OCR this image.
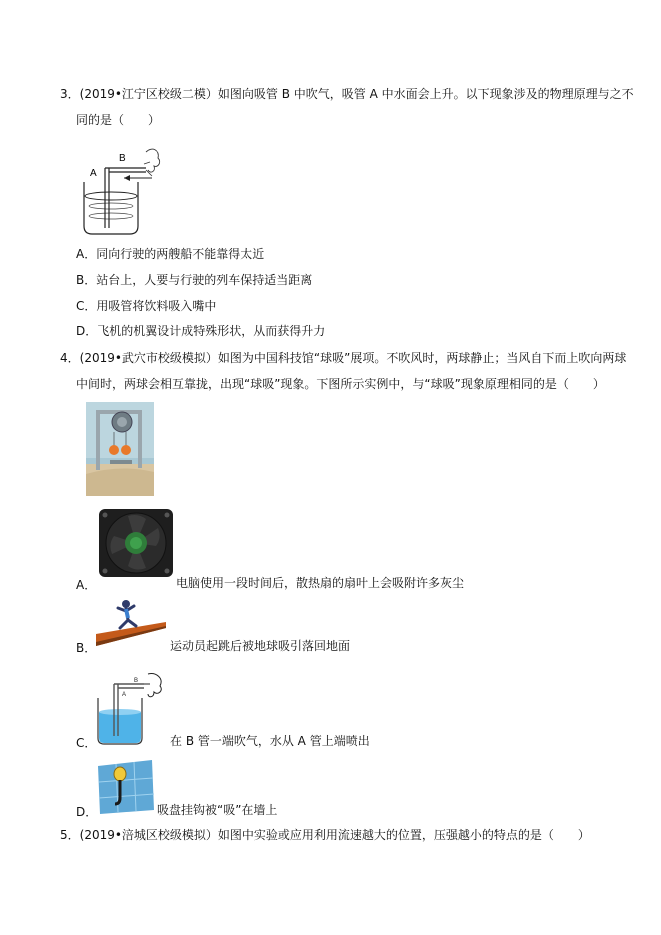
3．(2019•江宁区校级二模）如图向吸管 B 中吹气，吸管 A 中水面会上升。以下现象涉及的物理原理与之不
同的是（　　）
A
B
A．同向行驶的两艘船不能靠得太近
B．站台上，人要与行驶的列车保持适当距离
C．用吸管将饮料吸入嘴中
D．飞机的机翼设计成特殊形状，从而获得升力
4．(2019•武穴市校级模拟）如图为中国科技馆“球吸”展项。不吹风时，两球静止；当风自下而上吹向两球
中间时，两球会相互靠拢，出现“球吸”现象。下图所示实例中，与“球吸”现象原理相同的是（　　）
A．	电脑使用一段时间后，散热扇的扇叶上会吸附许多灰尘
B．	运动员起跳后被地球吸引落回地面
A
B
C．	在 B 管一端吹气，水从 A 管上端喷出
D．	吸盘挂钩被“吸”在墙上
5．(2019•涪城区校级模拟）如图中实验或应用利用流速越大的位置，压强越小的特点的是（　　）
